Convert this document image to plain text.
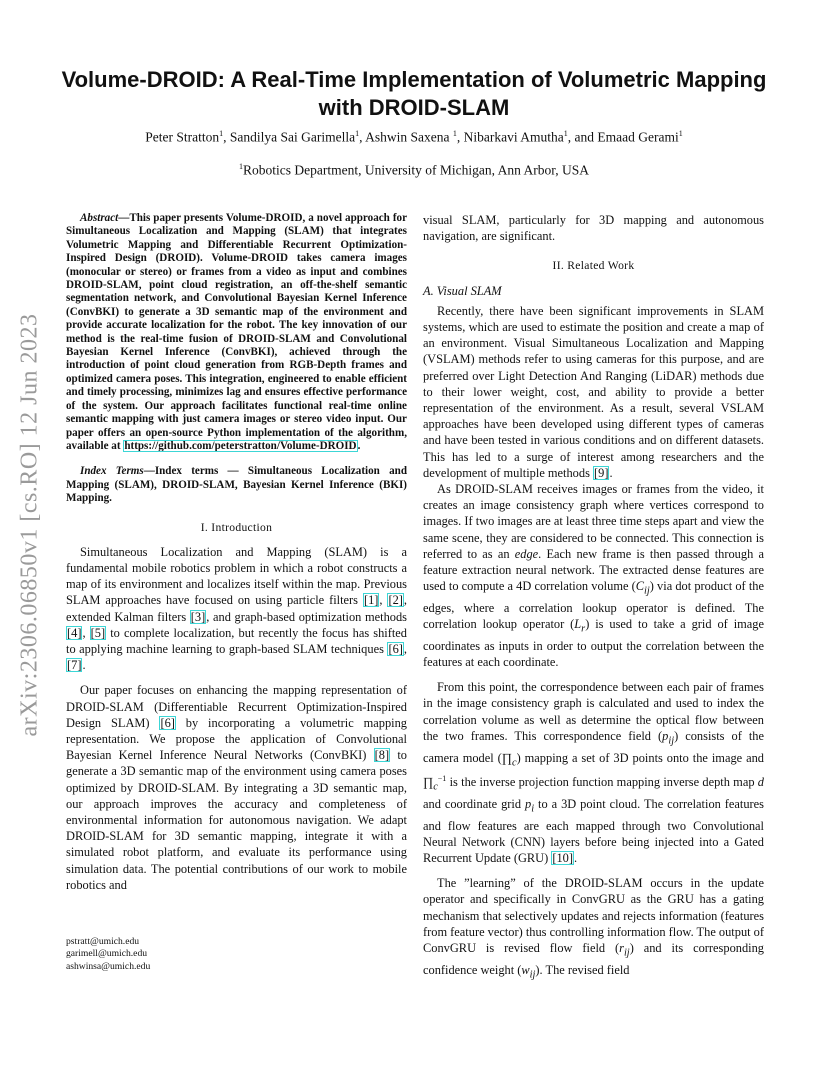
arXiv:2306.06850v1 [cs.RO] 12 Jun 2023
Volume-DROID: A Real-Time Implementation of Volumetric Mapping with DROID-SLAM
Peter Stratton$^1$, Sandilya Sai Garimella$^1$, Ashwin Saxena $^1$, Nibarkavi Amutha$^1$, and Emaad Gerami$^1$
$^1$Robotics Department, University of Michigan, Ann Arbor, USA

Abstract—This paper presents Volume-DROID, a novel approach for Simultaneous Localization and Mapping (SLAM) that integrates Volumetric Mapping and Differentiable Recurrent Optimization-Inspired Design (DROID). Volume-DROID takes camera images (monocular or stereo) or frames from a video as input and combines DROID-SLAM, point cloud registration, an off-the-shelf semantic segmentation network, and Convolutional Bayesian Kernel Inference (ConvBKI) to generate a 3D semantic map of the environment and provide accurate localization for the robot. The key innovation of our method is the real-time fusion of DROID-SLAM and Convolutional Bayesian Kernel Inference (ConvBKI), achieved through the introduction of point cloud generation from RGB-Depth frames and optimized camera poses. This integration, engineered to enable efficient and timely processing, minimizes lag and ensures effective performance of the system. Our approach facilitates functional real-time online semantic mapping with just camera images or stereo video input. Our paper offers an open-source Python implementation of the algorithm, available at https://github.com/peterstratton/Volume-DROID.

Index Terms—Index terms — Simultaneous Localization and Mapping (SLAM), DROID-SLAM, Bayesian Kernel Inference (BKI) Mapping.

I. Introduction

Simultaneous Localization and Mapping (SLAM) is a fundamental mobile robotics problem in which a robot constructs a map of its environment and localizes itself within the map. Previous SLAM approaches have focused on using particle filters [1], [2], extended Kalman filters [3], and graph-based optimization methods [4], [5] to complete localization, but recently the focus has shifted to applying machine learning to graph-based SLAM techniques [6], [7].

Our paper focuses on enhancing the mapping representation of DROID-SLAM (Differentiable Recurrent Optimization-Inspired Design SLAM) [6] by incorporating a volumetric mapping representation. We propose the application of Convolutional Bayesian Kernel Inference Neural Networks (ConvBKI) [8] to generate a 3D semantic map of the environment using camera poses optimized by DROID-SLAM. By integrating a 3D semantic map, our approach improves the accuracy and completeness of environmental information for autonomous navigation. We adapt DROID-SLAM for 3D semantic mapping, integrate it with a simulated robot platform, and evaluate its performance using simulation data. The potential contributions of our work to mobile robotics and

pstratt@umich.edu
garimell@umich.edu
ashwinsa@umich.edu

visual SLAM, particularly for 3D mapping and autonomous navigation, are significant.

II. Related Work
A. Visual SLAM

Recently, there have been significant improvements in SLAM systems, which are used to estimate the position and create a map of an environment. Visual Simultaneous Localization and Mapping (VSLAM) methods refer to using cameras for this purpose, and are preferred over Light Detection And Ranging (LiDAR) methods due to their lower weight, cost, and ability to provide a better representation of the environment. As a result, several VSLAM approaches have been developed using different types of cameras and have been tested in various conditions and on different datasets. This has led to a surge of interest among researchers and the development of multiple methods [9].

As DROID-SLAM receives images or frames from the video, it creates an image consistency graph where vertices correspond to images. If two images are at least three time steps apart and view the same scene, they are considered to be connected. This connection is referred to as an edge. Each new frame is then passed through a feature extraction neural network. The extracted dense features are used to compute a 4D correlation volume $(C_{ij})$ via dot product of the edges, where a correlation lookup operator is defined. The correlation lookup operator $(L_r)$ is used to take a grid of image coordinates as inputs in order to output the correlation between the features at each coordinate.

From this point, the correspondence between each pair of frames in the image consistency graph is calculated and used to index the correlation volume as well as determine the optical flow between the two frames. This correspondence field $(p_{ij})$ consists of the camera model $(\prod_c)$ mapping a set of 3D points onto the image and $\prod_c^{-1}$ is the inverse projection function mapping inverse depth map d and coordinate grid $p_i$ to a 3D point cloud. The correlation features and flow features are each mapped through two Convolutional Neural Network (CNN) layers before being injected into a Gated Recurrent Update (GRU) [10].

The ”learning” of the DROID-SLAM occurs in the update operator and specifically in ConvGRU as the GRU has a gating mechanism that selectively updates and rejects information (features from feature vector) thus controlling information flow. The output of ConvGRU is revised flow field $(r_{ij})$ and its corresponding confidence weight $(w_{ij})$. The revised field
